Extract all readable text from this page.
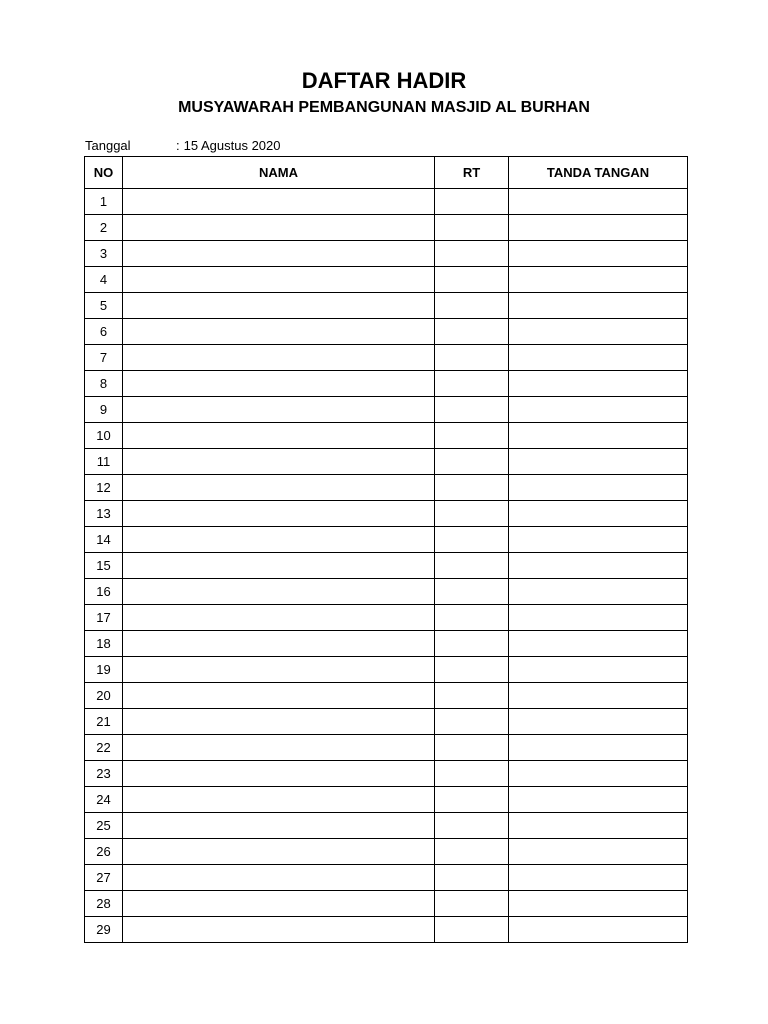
DAFTAR HADIR
MUSYAWARAH PEMBANGUNAN MASJID AL BURHAN
Tanggal	: 15 Agustus 2020
NO	NAMA	RT	TANDA TANGAN
1			
2			
3			
4			
5			
6			
7			
8			
9			
10			
11			
12			
13			
14			
15			
16			
17			
18			
19			
20			
21			
22			
23			
24			
25			
26			
27			
28			
29			
